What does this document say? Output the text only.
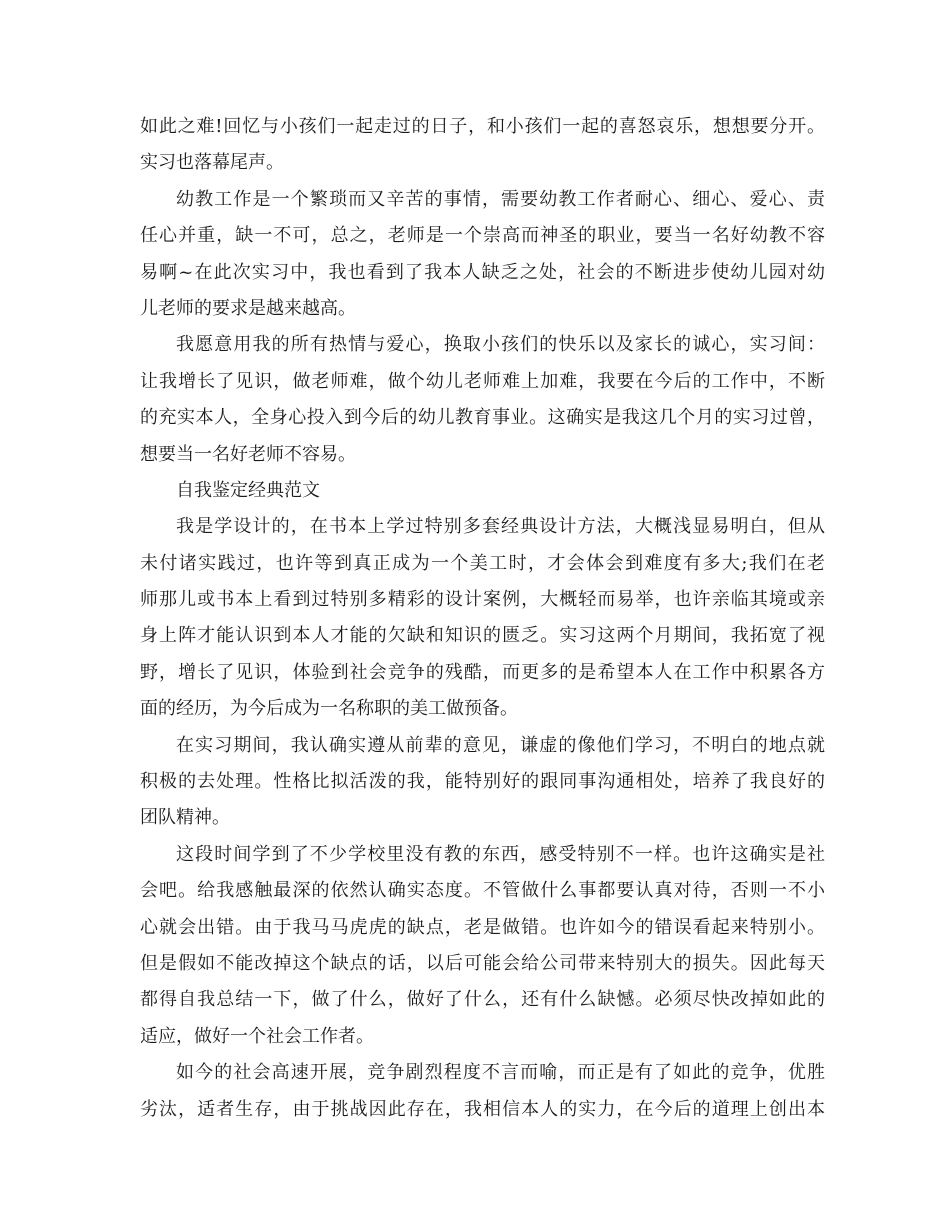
如此之难!回忆与小孩们一起走过的日子，和小孩们一起的喜怒哀乐，想想要分开。
实习也落幕尾声。
幼教工作是一个繁琐而又辛苦的事情，需要幼教工作者耐心、细心、爱心、责
任心并重，缺一不可，总之，老师是一个崇高而神圣的职业，要当一名好幼教不容
易啊~在此次实习中，我也看到了我本人缺乏之处，社会的不断进步使幼儿园对幼
儿老师的要求是越来越高。
我愿意用我的所有热情与爱心，换取小孩们的快乐以及家长的诚心，实习间：
让我增长了见识，做老师难，做个幼儿老师难上加难，我要在今后的工作中，不断
的充实本人，全身心投入到今后的幼儿教育事业。这确实是我这几个月的实习过曾，
想要当一名好老师不容易。
自我鉴定经典范文
我是学设计的，在书本上学过特别多套经典设计方法，大概浅显易明白，但从
未付诸实践过，也许等到真正成为一个美工时，才会体会到难度有多大;我们在老
师那儿或书本上看到过特别多精彩的设计案例，大概轻而易举，也许亲临其境或亲
身上阵才能认识到本人才能的欠缺和知识的匮乏。实习这两个月期间，我拓宽了视
野，增长了见识，体验到社会竞争的残酷，而更多的是希望本人在工作中积累各方
面的经历，为今后成为一名称职的美工做预备。
在实习期间，我认确实遵从前辈的意见，谦虚的像他们学习，不明白的地点就
积极的去处理。性格比拟活泼的我，能特别好的跟同事沟通相处，培养了我良好的
团队精神。
这段时间学到了不少学校里没有教的东西，感受特别不一样。也许这确实是社
会吧。给我感触最深的依然认确实态度。不管做什么事都要认真对待，否则一不小
心就会出错。由于我马马虎虎的缺点，老是做错。也许如今的错误看起来特别小。
但是假如不能改掉这个缺点的话，以后可能会给公司带来特别大的损失。因此每天
都得自我总结一下，做了什么，做好了什么，还有什么缺憾。必须尽快改掉如此的
适应，做好一个社会工作者。
如今的社会高速开展，竞争剧烈程度不言而喻，而正是有了如此的竞争，优胜
劣汰，适者生存，由于挑战因此存在，我相信本人的实力，在今后的道理上创出本
